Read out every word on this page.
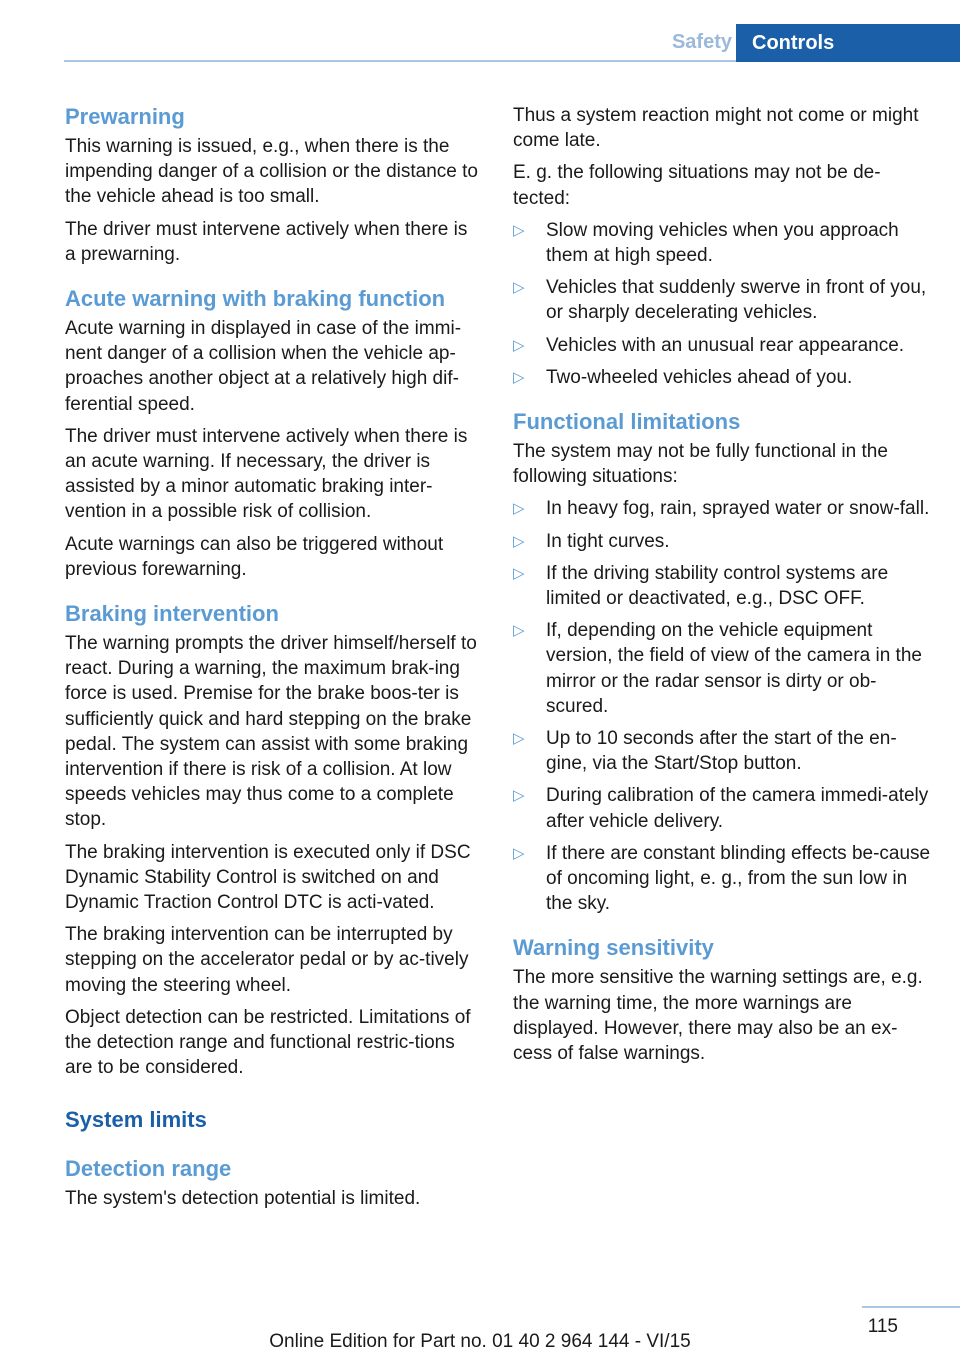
Safety	Controls
Prewarning

This warning is issued, e.g., when there is the impending danger of a collision or the distance to the vehicle ahead is too small.

The driver must intervene actively when there is a prewarning.

Acute warning with braking function

Acute warning in displayed in case of the immi‐nent danger of a collision when the vehicle ap‐proaches another object at a relatively high dif‐ferential speed.

The driver must intervene actively when there is an acute warning. If necessary, the driver is assisted by a minor automatic braking inter‐vention in a possible risk of collision.

Acute warnings can also be triggered without previous forewarning.

Braking intervention

The warning prompts the driver himself/herself to react. During a warning, the maximum brak‐ing force is used. Premise for the brake boos‐ter is sufficiently quick and hard stepping on the brake pedal. The system can assist with some braking intervention if there is risk of a collision. At low speeds vehicles may thus come to a complete stop.

The braking intervention is executed only if DSC Dynamic Stability Control is switched on and Dynamic Traction Control DTC is acti‐vated.

The braking intervention can be interrupted by stepping on the accelerator pedal or by ac‐tively moving the steering wheel.

Object detection can be restricted. Limitations of the detection range and functional restric‐tions are to be considered.

System limits
Detection range

The system's detection potential is limited.

Thus a system reaction might not come or might come late.

E. g. the following situations may not be de‐tected:

▷ Slow moving vehicles when you approach them at high speed.
▷ Vehicles that suddenly swerve in front of you, or sharply decelerating vehicles.
▷ Vehicles with an unusual rear appearance.
▷ Two-wheeled vehicles ahead of you.
Functional limitations

The system may not be fully functional in the following situations:

▷ In heavy fog, rain, sprayed water or snow‐fall.
▷ In tight curves.
▷ If the driving stability control systems are limited or deactivated, e.g., DSC OFF.
▷ If, depending on the vehicle equipment version, the field of view of the camera in the mirror or the radar sensor is dirty or ob‐scured.
▷ Up to 10 seconds after the start of the en‐gine, via the Start/Stop button.
▷ During calibration of the camera immedi‐ately after vehicle delivery.
▷ If there are constant blinding effects be‐cause of oncoming light, e. g., from the sun low in the sky.
Warning sensitivity

The more sensitive the warning settings are, e.g. the warning time, the more warnings are displayed. However, there may also be an ex‐cess of false warnings.

115
Online Edition for Part no. 01 40 2 964 144 - VI/15
